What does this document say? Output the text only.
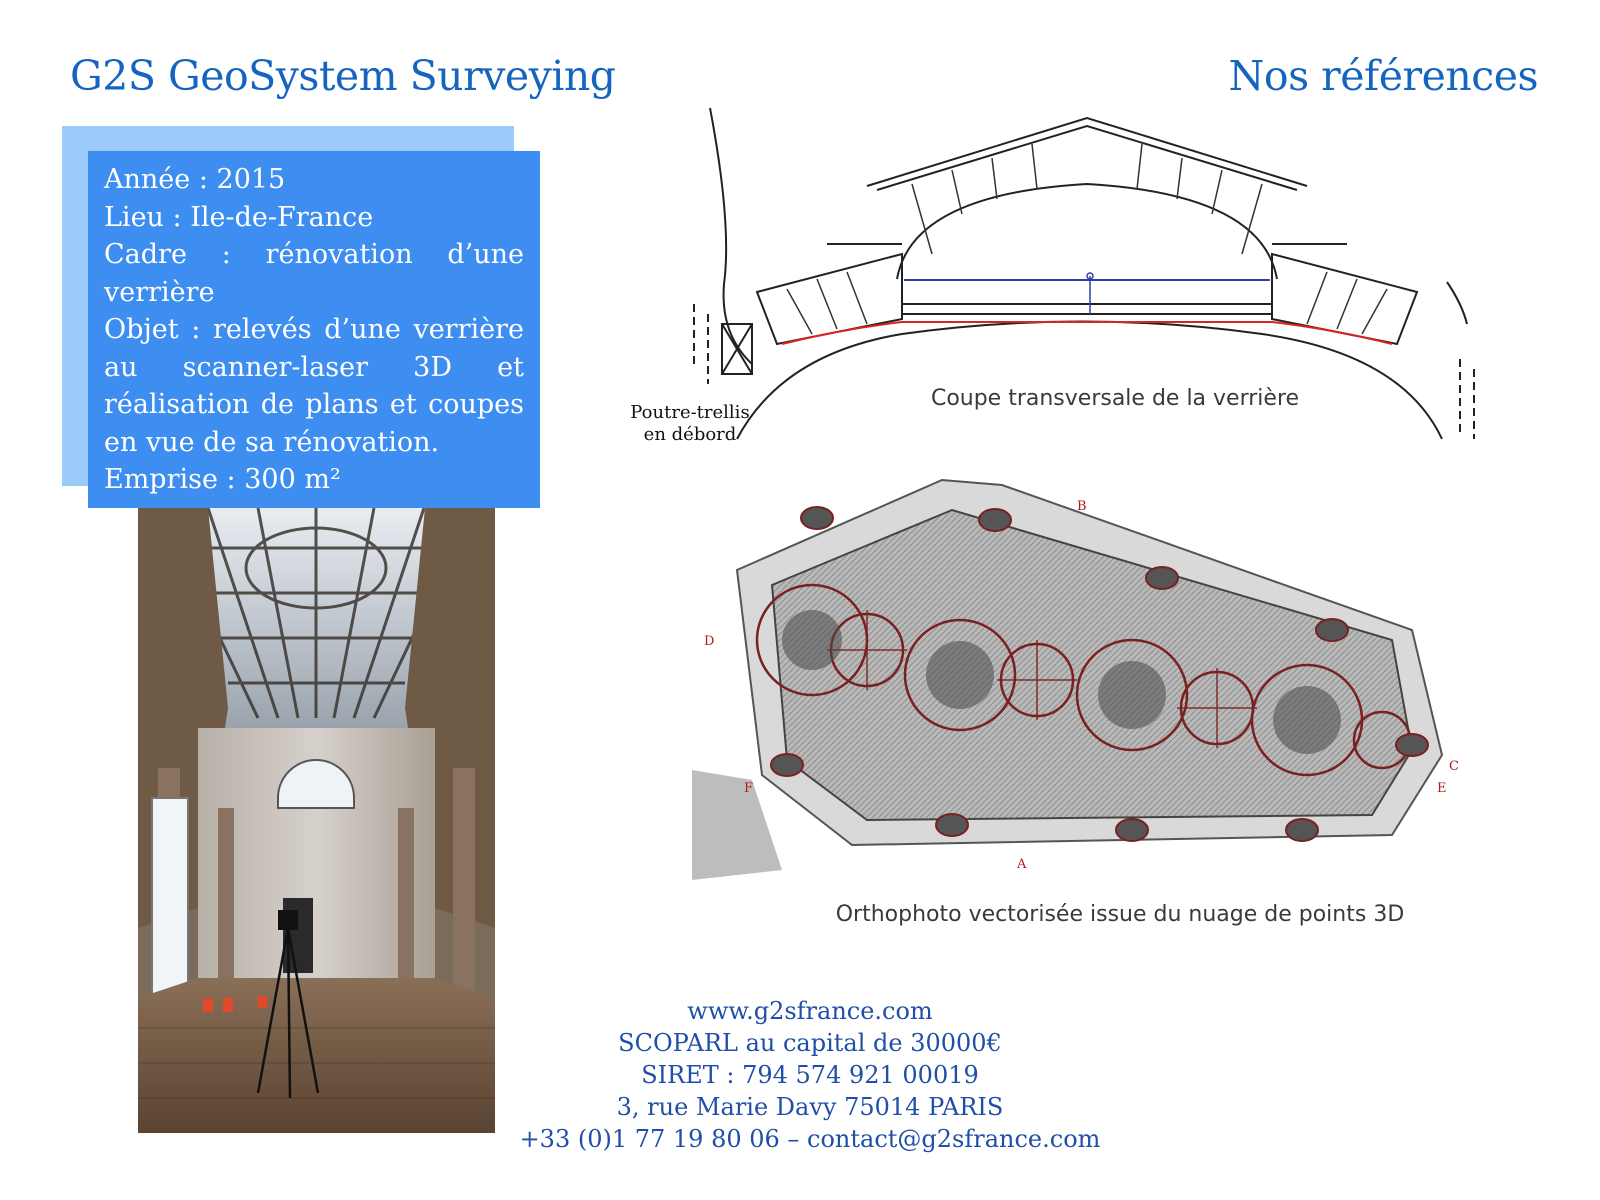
G2S GeoSystem Surveying	Nos références
Année : 2015
Lieu : Ile-de-France
Cadre : rénovation d’une verrière
Objet : relevés d’une verrière au scanner-laser 3D et réalisation de plans et coupes en vue de sa rénovation.
Emprise : 300 m²
Coupe transversale de la verrière
Poutre-trellis
en débord
D
F
B
C
E
A
Orthophoto vectorisée issue du nuage de points 3D
www.g2sfrance.com
SCOPARL au capital de 30000€
SIRET : 794 574 921 00019
3, rue Marie Davy 75014 PARIS
+33 (0)1 77 19 80 06 – contact@g2sfrance.com
